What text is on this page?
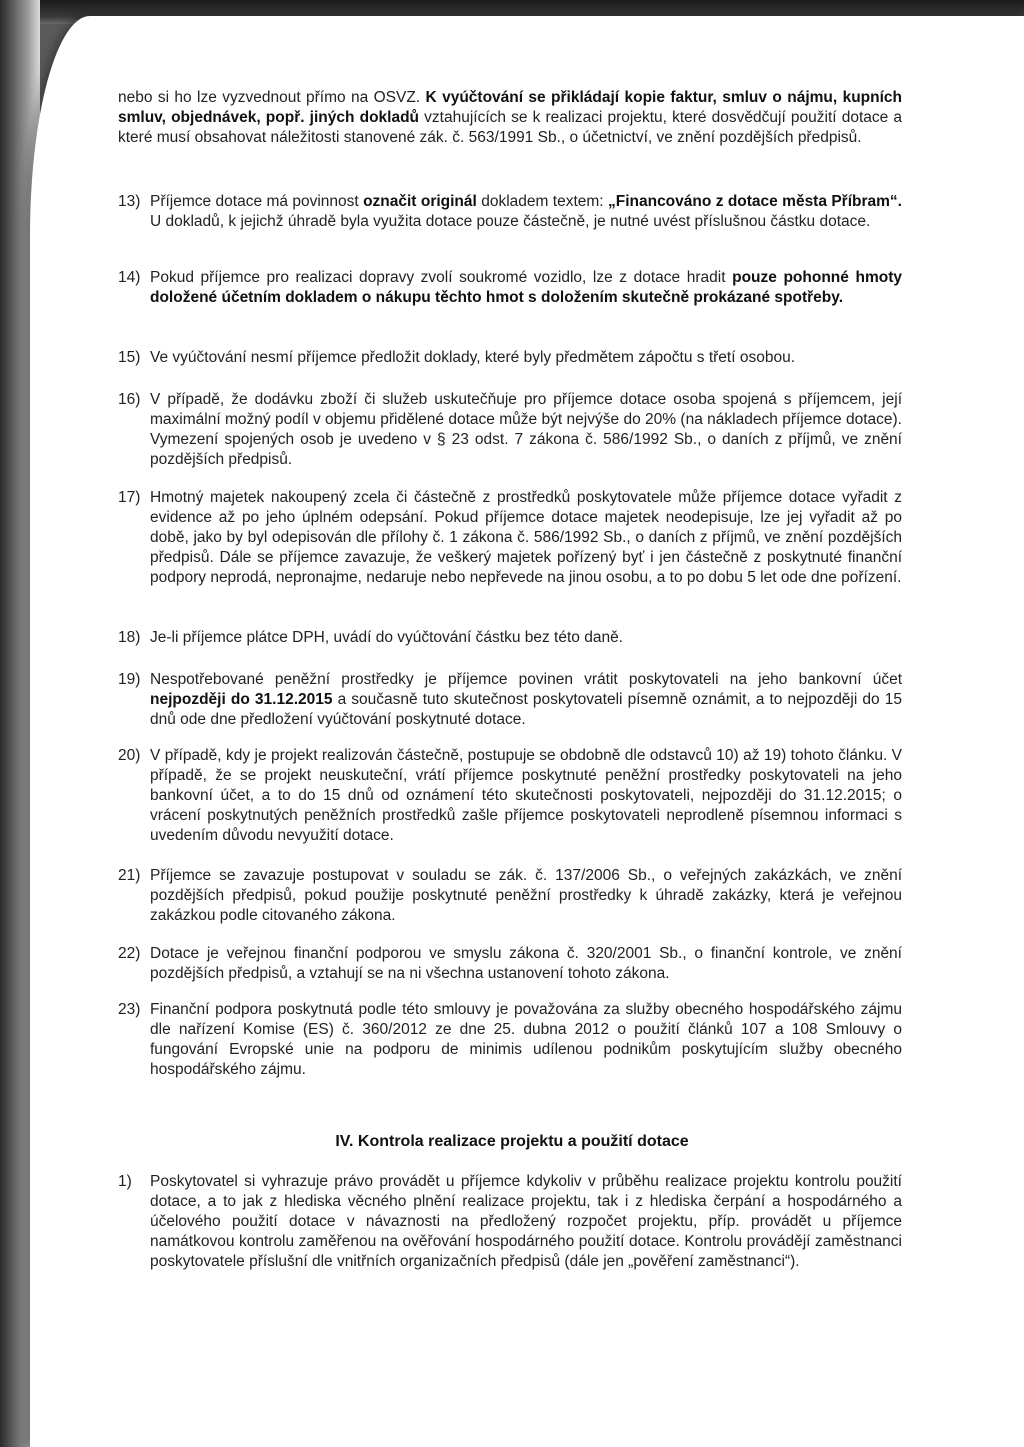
nebo si ho lze vyzvednout přímo na OSVZ. K vyúčtování se přikládají kopie faktur, smluv o nájmu, kupních smluv, objednávek, popř. jiných dokladů vztahujících se k realizaci projektu, které dosvědčují použití dotace a které musí obsahovat náležitosti stanovené zák. č. 563/1991 Sb., o účetnictví, ve znění pozdějších předpisů.
13) Příjemce dotace má povinnost označit originál dokladem textem: „Financováno z dotace města Příbram“. U dokladů, k jejichž úhradě byla využita dotace pouze částečně, je nutné uvést příslušnou částku dotace.
14) Pokud příjemce pro realizaci dopravy zvolí soukromé vozidlo, lze z dotace hradit pouze pohonné hmoty doložené účetním dokladem o nákupu těchto hmot s doložením skutečně prokázané spotřeby.
15) Ve vyúčtování nesmí příjemce předložit doklady, které byly předmětem zápočtu s třetí osobou.
16) V případě, že dodávku zboží či služeb uskutečňuje pro příjemce dotace osoba spojená s příjemcem, její maximální možný podíl v objemu přidělené dotace může být nejvýše do 20% (na nákladech příjemce dotace). Vymezení spojených osob je uvedeno v § 23 odst. 7 zákona č. 586/1992 Sb., o daních z příjmů, ve znění pozdějších předpisů.
17) Hmotný majetek nakoupený zcela či částečně z prostředků poskytovatele může příjemce dotace vyřadit z evidence až po jeho úplném odepsání. Pokud příjemce dotace majetek neodepisuje, lze jej vyřadit až po době, jako by byl odepisován dle přílohy č. 1 zákona č. 586/1992 Sb., o daních z příjmů, ve znění pozdějších předpisů. Dále se příjemce zavazuje, že veškerý majetek pořízený byť i jen částečně z poskytnuté finanční podpory neprodá, nepronajme, nedaruje nebo nepřevede na jinou osobu, a to po dobu 5 let ode dne pořízení.
18) Je-li příjemce plátce DPH, uvádí do vyúčtování částku bez této daně.
19) Nespotřebované peněžní prostředky je příjemce povinen vrátit poskytovateli na jeho bankovní účet nejpozději do 31.12.2015 a současně tuto skutečnost poskytovateli písemně oznámit, a to nejpozději do 15 dnů ode dne předložení vyúčtování poskytnuté dotace.
20) V případě, kdy je projekt realizován částečně, postupuje se obdobně dle odstavců 10) až 19) tohoto článku. V případě, že se projekt neuskuteční, vrátí příjemce poskytnuté peněžní prostředky poskytovateli na jeho bankovní účet, a to do 15 dnů od oznámení této skutečnosti poskytovateli, nejpozději do 31.12.2015; o vrácení poskytnutých peněžních prostředků zašle příjemce poskytovateli neprodleně písemnou informaci s uvedením důvodu nevyužití dotace.
21) Příjemce se zavazuje postupovat v souladu se zák. č. 137/2006 Sb., o veřejných zakázkách, ve znění pozdějších předpisů, pokud použije poskytnuté peněžní prostředky k úhradě zakázky, která je veřejnou zakázkou podle citovaného zákona.
22) Dotace je veřejnou finanční podporou ve smyslu zákona č. 320/2001 Sb., o finanční kontrole, ve znění pozdějších předpisů, a vztahují se na ni všechna ustanovení tohoto zákona.
23) Finanční podpora poskytnutá podle této smlouvy je považována za služby obecného hospodářského zájmu dle nařízení Komise (ES) č. 360/2012 ze dne 25. dubna 2012 o použití článků 107 a 108 Smlouvy o fungování Evropské unie na podporu de minimis udílenou podnikům poskytujícím služby obecného hospodářského zájmu.
IV. Kontrola realizace projektu a použití dotace
1)	Poskytovatel si vyhrazuje právo provádět u příjemce kdykoliv v průběhu realizace projektu kontrolu použití dotace, a to jak z hlediska věcného plnění realizace projektu, tak i z hlediska čerpání a hospodárného a účelového použití dotace v návaznosti na předložený rozpočet projektu, příp. provádět u příjemce namátkovou kontrolu zaměřenou na ověřování hospodárného použití dotace. Kontrolu provádějí zaměstnanci poskytovatele příslušní dle vnitřních organizačních předpisů (dále jen „pověření zaměstnanci“).
